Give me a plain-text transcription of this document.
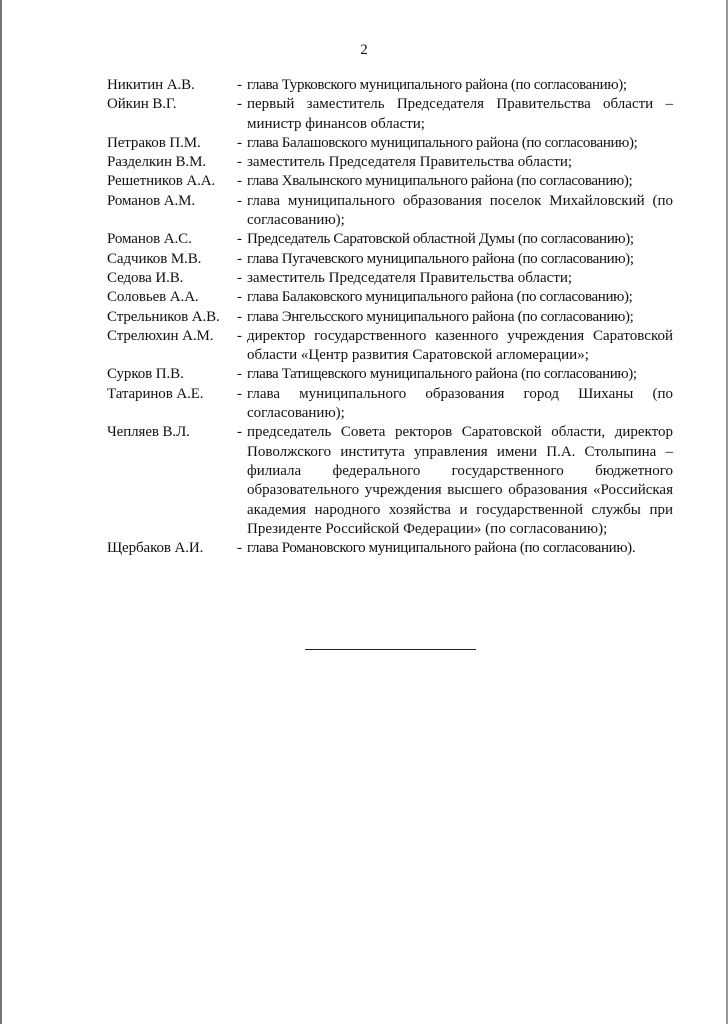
2
Никитин А.В.	- глава Турковского муниципального района (по согласованию);
Ойкин В.Г.	- первый заместитель Председателя Правительства области – министр финансов области;
Петраков П.М.	- глава Балашовского муниципального района (по согласованию);
Разделкин В.М.	- заместитель Председателя Правительства области;
Решетников А.А.	- глава Хвалынского муниципального района (по согласованию);
Романов А.М.	- глава муниципального образования поселок Михайловский (по согласованию);
Романов А.С.	- Председатель Саратовской областной Думы (по согласованию);
Садчиков М.В.	- глава Пугачевского муниципального района (по согласованию);
Седова И.В.	- заместитель Председателя Правительства области;
Соловьев А.А.	- глава Балаковского муниципального района (по согласованию);
Стрельников А.В.	- глава Энгельсского муниципального района (по согласованию);
Стрелюхин А.М.	- директор государственного казенного учреждения Саратовской области «Центр развития Саратовской агломерации»;
Сурков П.В.	- глава Татищевского муниципального района (по согласованию);
Татаринов А.Е.	- глава муниципального образования город Шиханы (по согласованию);
Чепляев В.Л.	- председатель Совета ректоров Саратовской области, директор Поволжского института управления имени П.А. Столыпина – филиала федерального государственного бюджетного образовательного учреждения высшего образования «Российская академия народного хозяйства и государственной службы при Президенте Российской Федерации» (по согласованию);
Щербаков А.И.	- глава Романовского муниципального района (по согласованию).
